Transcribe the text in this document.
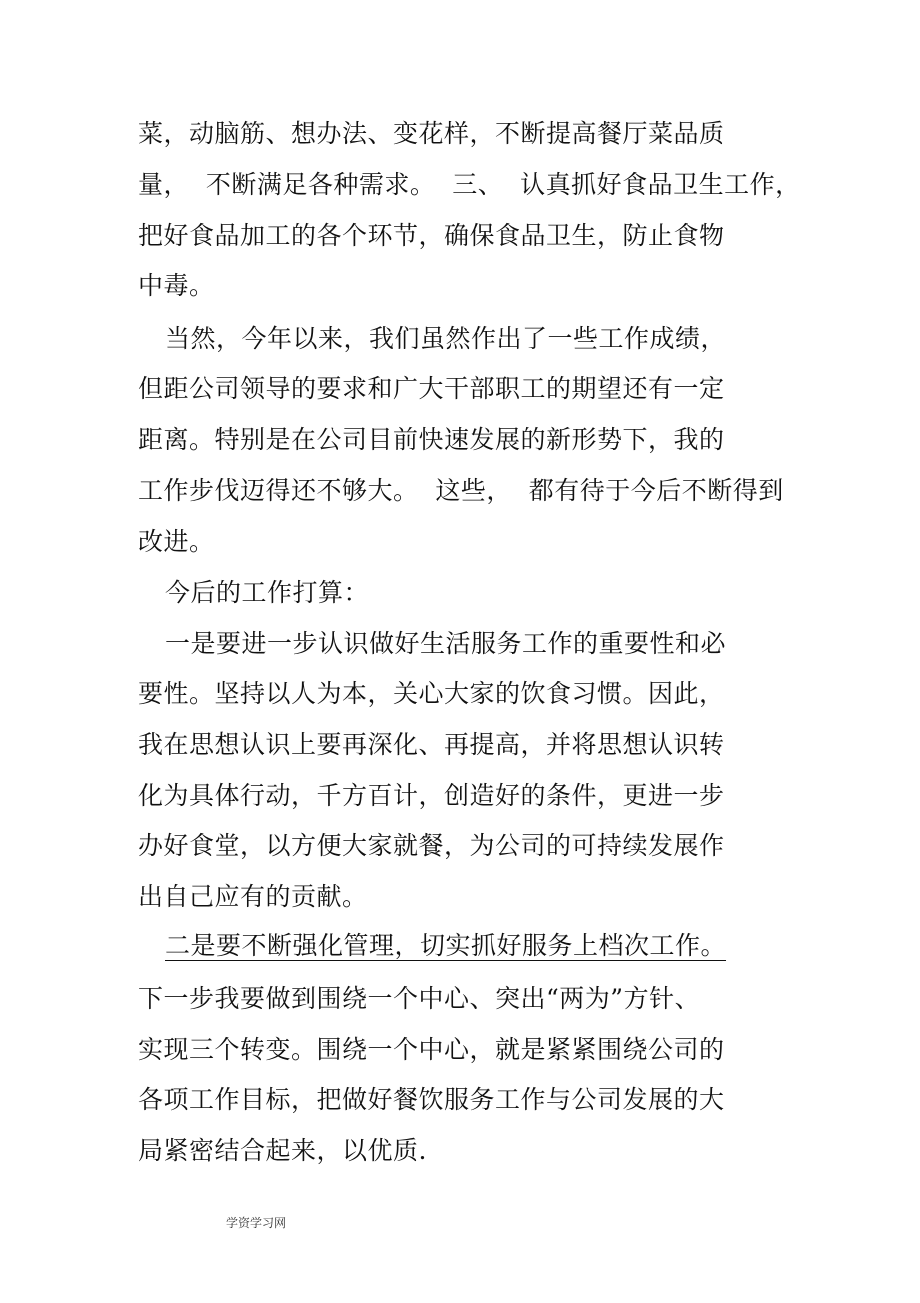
菜，动脑筋、想办法、变花样，不断提高餐厅菜品质
量，  不断满足各种需求。  三、  认真抓好食品卫生工作，
把好食品加工的各个环节，确保食品卫生，防止食物
中毒。
当然，今年以来，我们虽然作出了一些工作成绩，
但距公司领导的要求和广大干部职工的期望还有一定
距离。特别是在公司目前快速发展的新形势下，我的
工作步伐迈得还不够大。  这些，  都有待于今后不断得到
改进。
今后的工作打算：
一是要进一步认识做好生活服务工作的重要性和必
要性。坚持以人为本，关心大家的饮食习惯。因此，
我在思想认识上要再深化、再提高，并将思想认识转
化为具体行动，千方百计，创造好的条件，更进一步
办好食堂，以方便大家就餐，为公司的可持续发展作
出自己应有的贡献。
二是要不断强化管理，切实抓好服务上档次工作。
下一步我要做到围绕一个中心、突出“两为”方针、
实现三个转变。围绕一个中心，就是紧紧围绕公司的
各项工作目标，把做好餐饮服务工作与公司发展的大
局紧密结合起来，以优质.
学资学习网
